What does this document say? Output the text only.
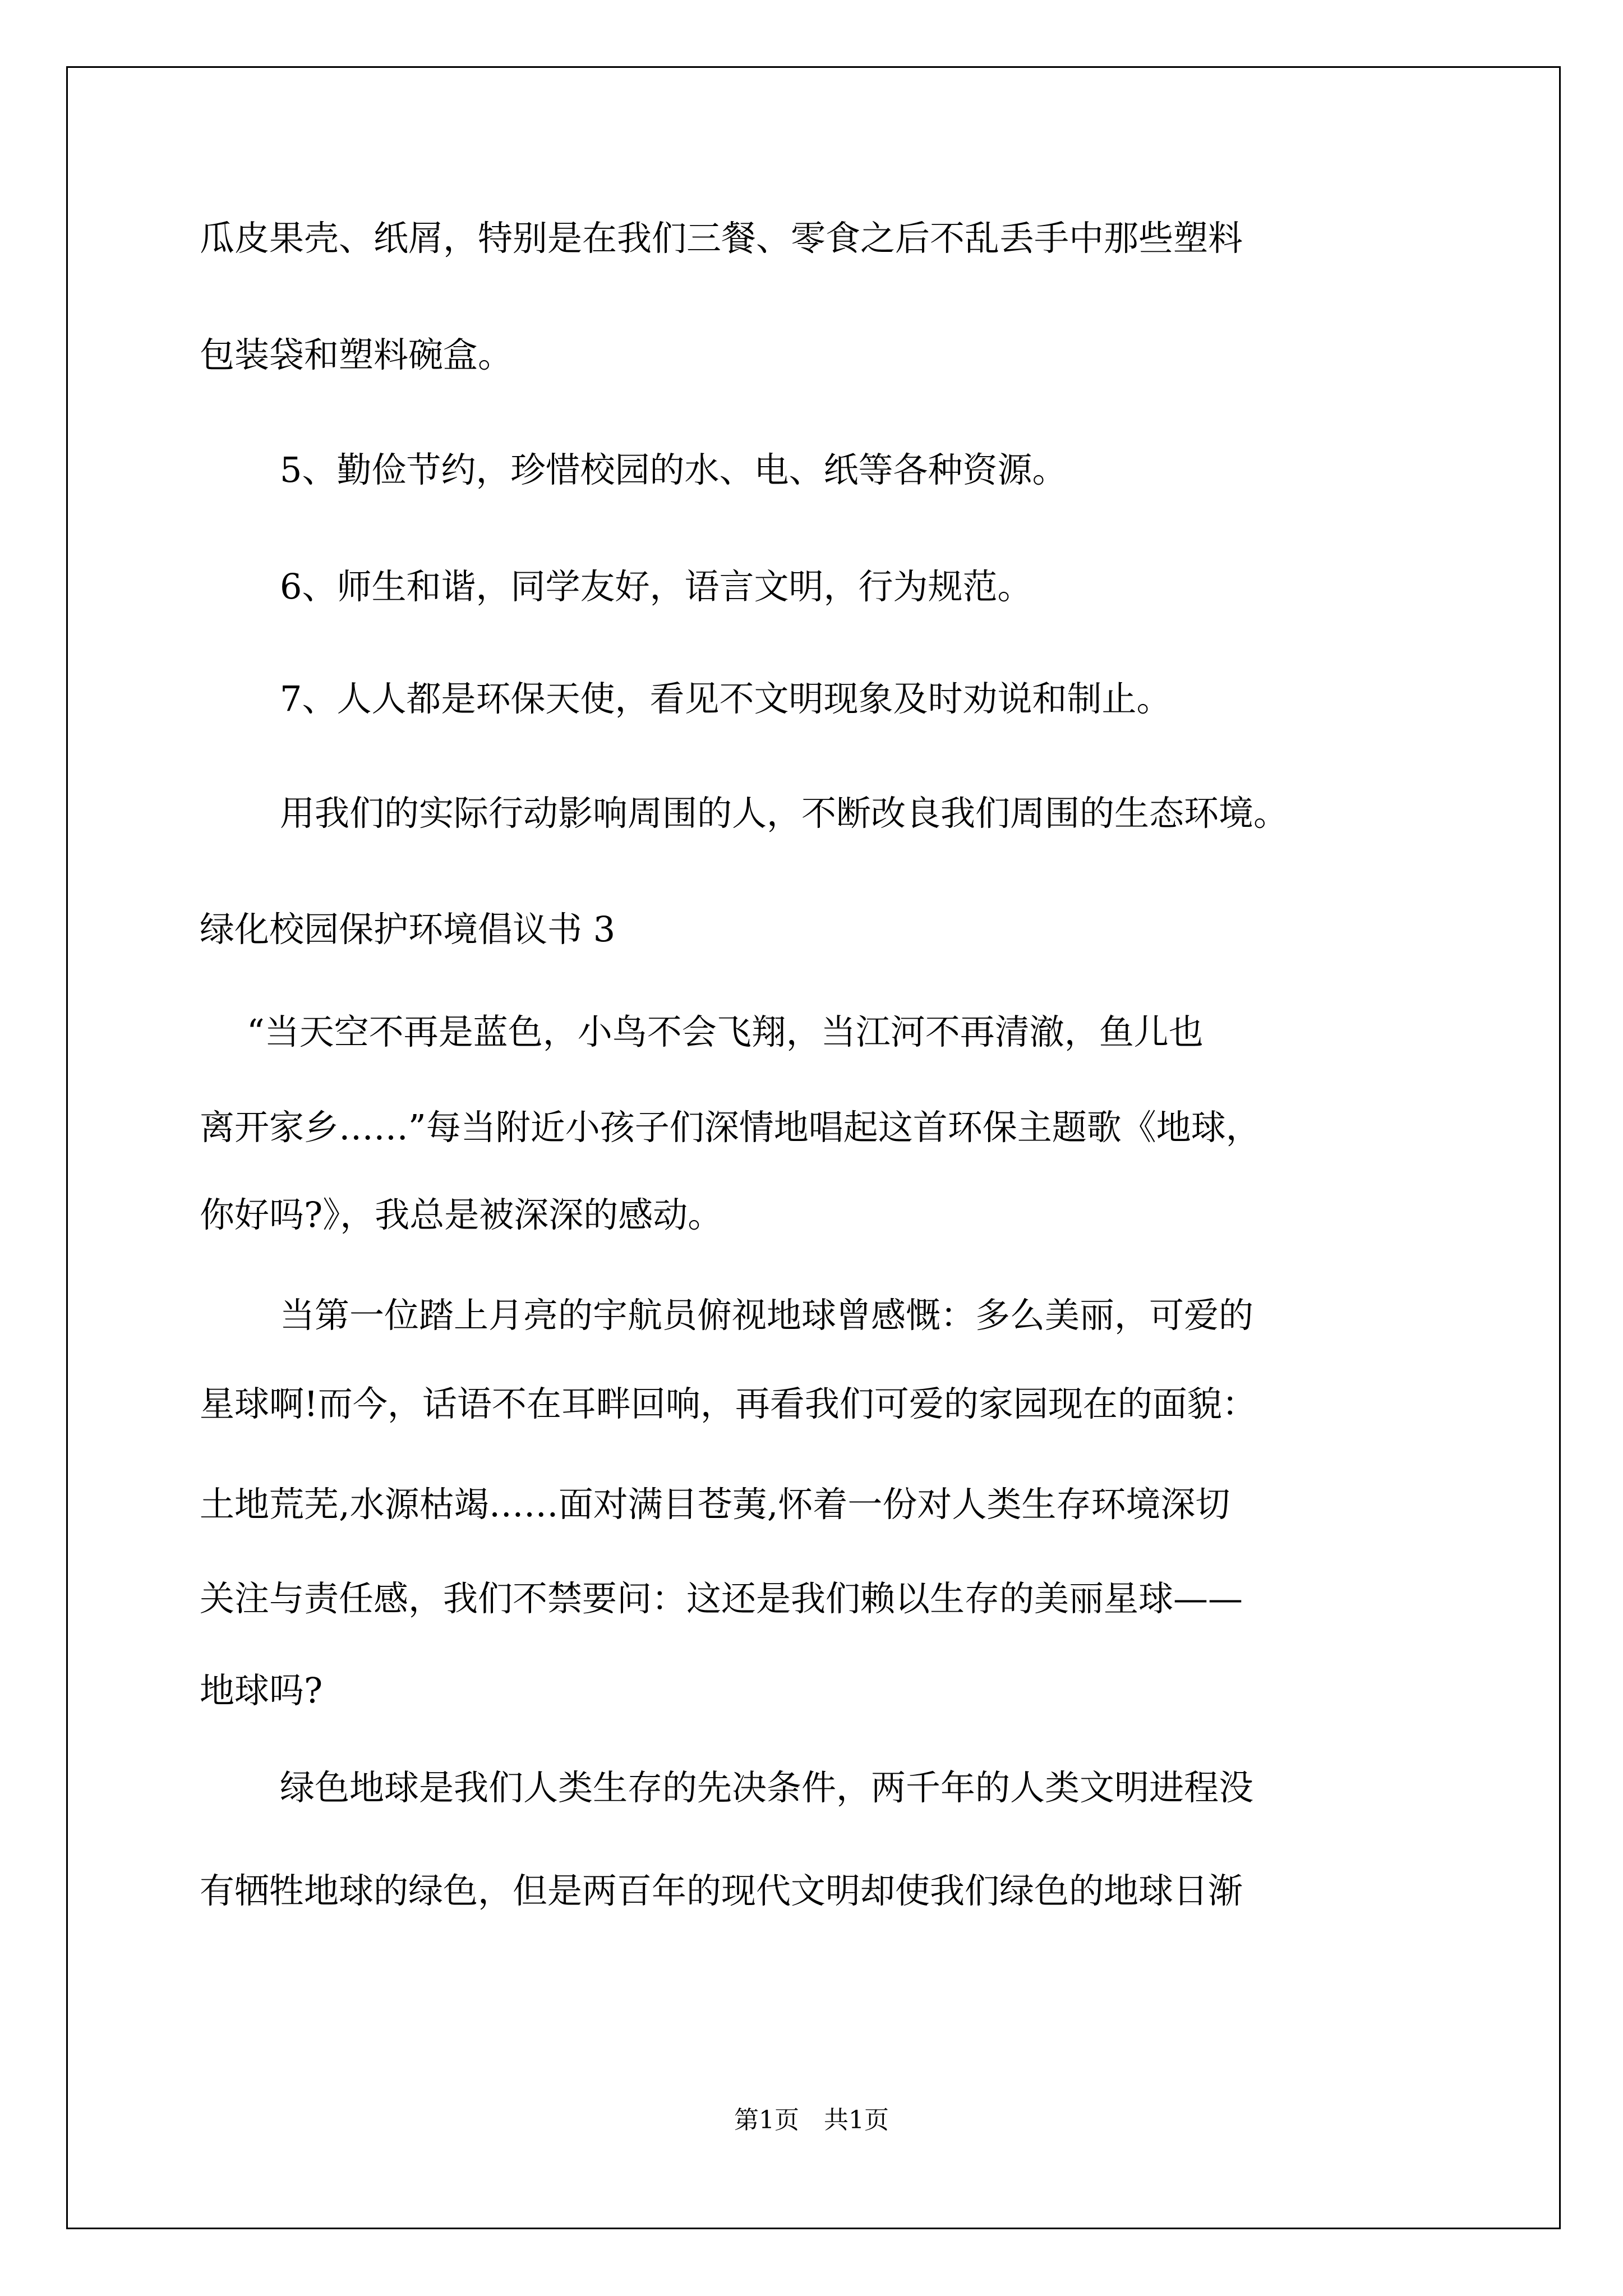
瓜皮果壳、纸屑，特别是在我们三餐、零食之后不乱丢手中那些塑料
包装袋和塑料碗盒。
5、勤俭节约，珍惜校园的水、电、纸等各种资源。
6、师生和谐，同学友好，语言文明，行为规范。
7、人人都是环保天使，看见不文明现象及时劝说和制止。
用我们的实际行动影响周围的人，不断改良我们周围的生态环境。
绿化校园保护环境倡议书 3
“当天空不再是蓝色，小鸟不会飞翔，当江河不再清澈，鱼儿也
离开家乡……”每当附近小孩子们深情地唱起这首环保主题歌《地球，
你好吗?》，我总是被深深的感动。
当第一位踏上月亮的宇航员俯视地球曾感慨：多么美丽，可爱的
星球啊!而今，话语不在耳畔回响，再看我们可爱的家园现在的面貌：
土地荒芜,水源枯竭……面对满目苍荑,怀着一份对人类生存环境深切
关注与责任感，我们不禁要问：这还是我们赖以生存的美丽星球——
地球吗?
绿色地球是我们人类生存的先决条件，两千年的人类文明进程没
有牺牲地球的绿色，但是两百年的现代文明却使我们绿色的地球日渐
第1页　共1页
